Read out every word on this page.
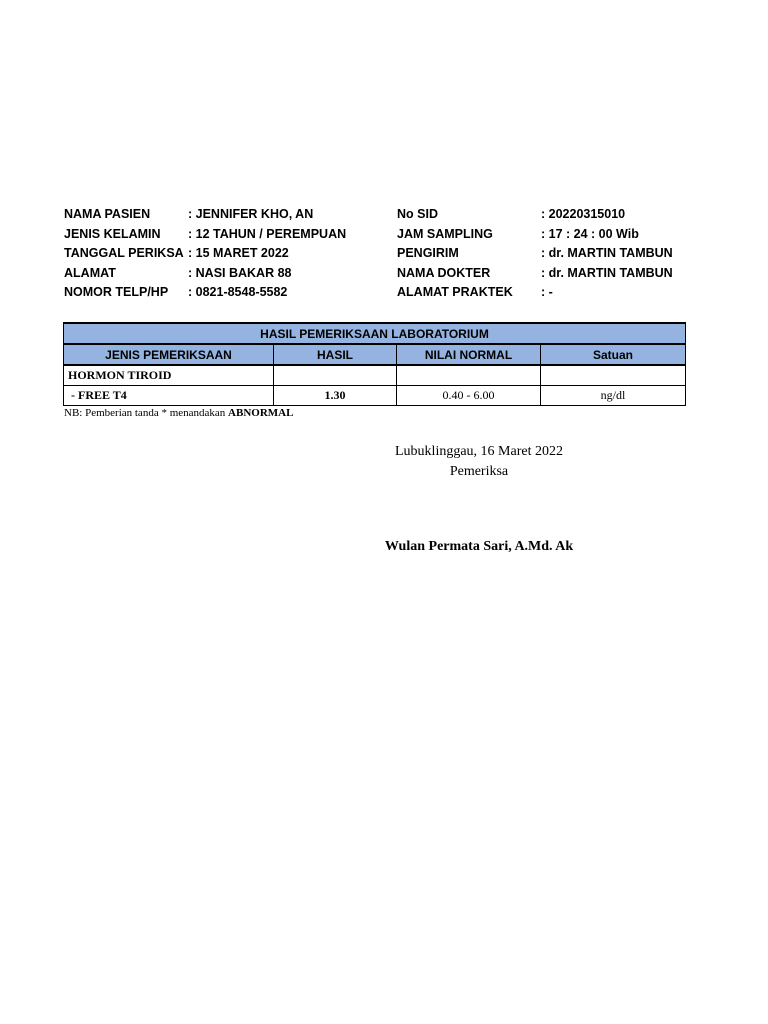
NAMA PASIEN	: JENNIFER KHO, AN	No SID	: 20220315010
JENIS KELAMIN : 12 TAHUN / PEREMPUAN	JAM SAMPLING	: 17 : 24 : 00 Wib
TANGGAL PERIKSA : 15 MARET 2022	PENGIRIM	: dr. MARTIN TAMBUN
ALAMAT	: NASI BAKAR 88	NAMA DOKTER	: dr. MARTIN TAMBUN
NOMOR TELP/HP : 0821-8548-5582	ALAMAT PRAKTEK : -
HASIL PEMERIKSAAN LABORATORIUM			
JENIS PEMERIKSAAN	HASIL	NILAI NORMAL	Satuan
HORMON TIROID			
- FREE T4	1.30	0.40 - 6.00	ng/dl
NB: Pemberian tanda * menandakan ABNORMAL
Lubuklinggau, 16 Maret 2022
Pemeriksa
Wulan Permata Sari, A.Md. Ak
